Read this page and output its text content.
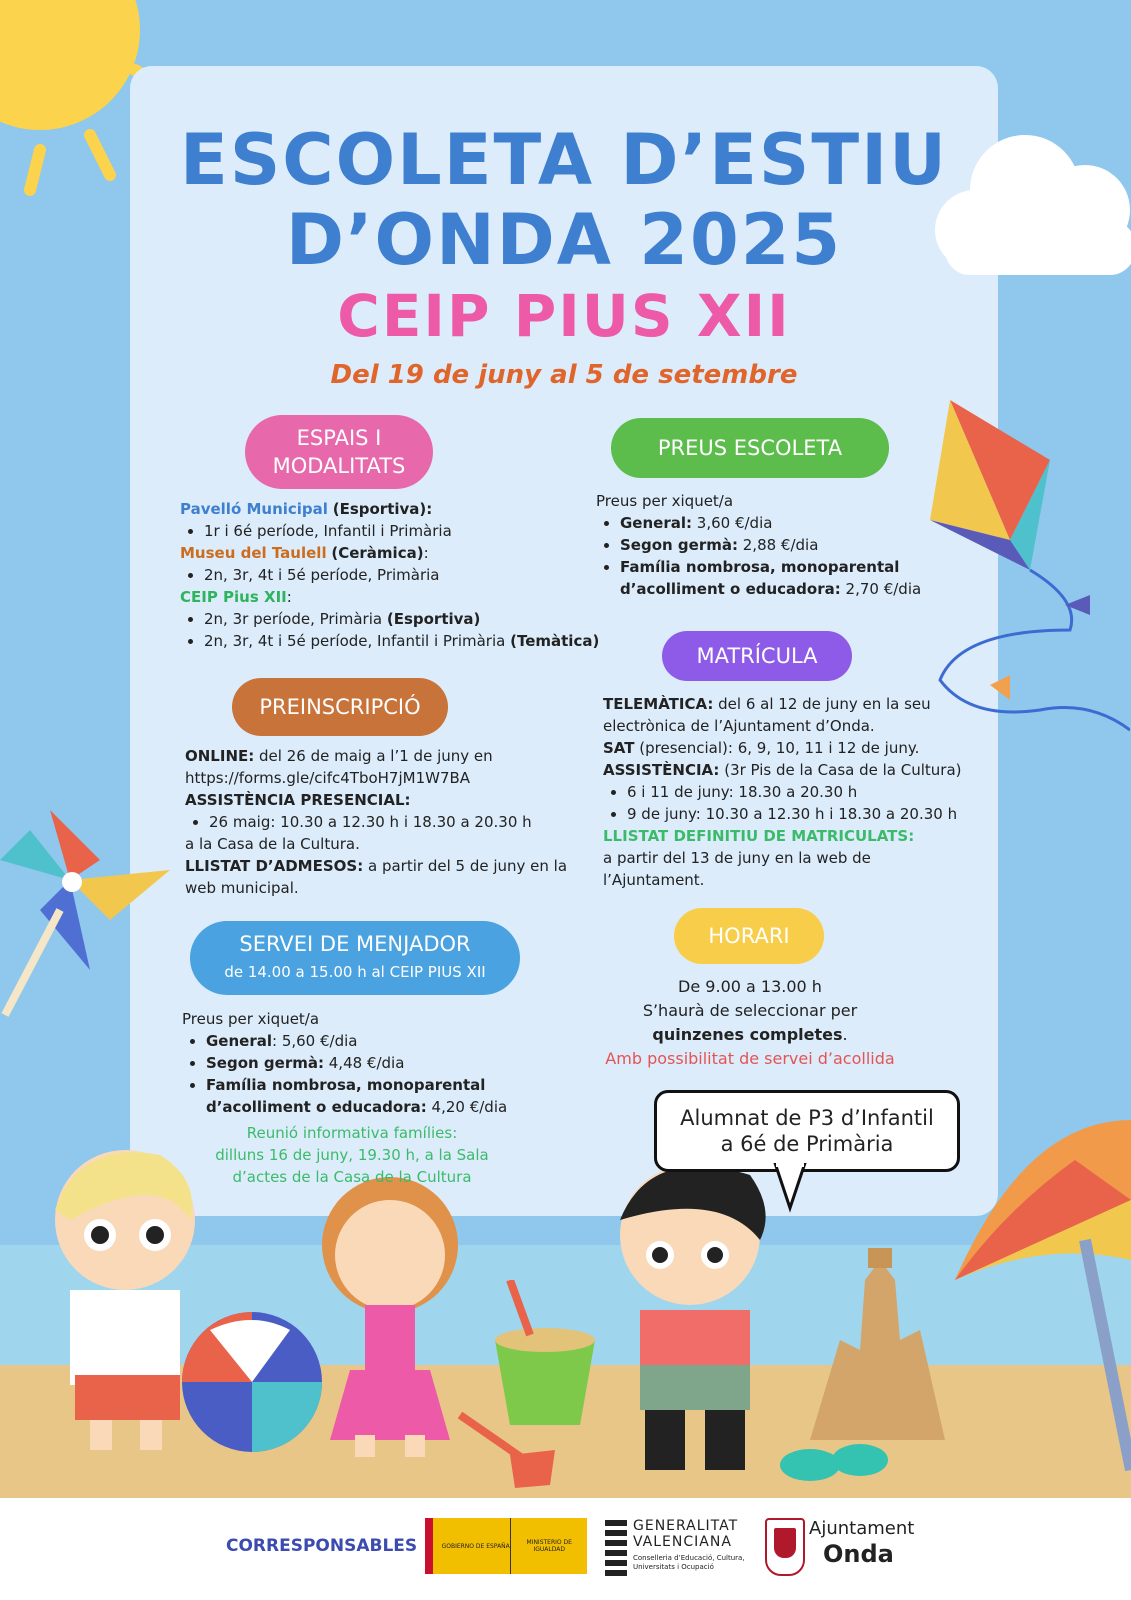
ESCOLETA D’ESTIU
D’ONDA 2025
CEIP PIUS XII
Del 19 de juny al 5 de setembre
ESPAIS I
MODALITATS
Pavelló Municipal (Esportiva):
• 1r i 6é període, Infantil i Primària
Museu del Taulell (Ceràmica):
• 2n, 3r, 4t i 5é període, Primària
CEIP Pius XII:
• 2n, 3r període, Primària (Esportiva)
• 2n, 3r, 4t i 5é període, Infantil i Primària (Temàtica)
PREUS ESCOLETA
Preus per xiquet/a
• General: 3,60 €/dia
• Segon germà: 2,88 €/dia
• Família nombrosa, monoparental
d’acolliment o educadora: 2,70 €/dia
PREINSCRIPCIÓ
ONLINE: del 26 de maig a l’1 de juny en
https://forms.gle/cifc4TboH7jM1W7BA
ASSISTÈNCIA PRESENCIAL:
• 26 maig: 10.30 a 12.30 h i 18.30 a 20.30 h
a la Casa de la Cultura.
LLISTAT D’ADMESOS: a partir del 5 de juny en la
web municipal.
MATRÍCULA
TELEMÀTICA: del 6 al 12 de juny en la seu
electrònica de l’Ajuntament d’Onda.
SAT (presencial): 6, 9, 10, 11 i 12 de juny.
ASSISTÈNCIA: (3r Pis de la Casa de la Cultura)
• 6 i 11 de juny: 18.30 a 20.30 h
• 9 de juny: 10.30 a 12.30 h i 18.30 a 20.30 h
LLISTAT DEFINITIU DE MATRICULATS:
a partir del 13 de juny en la web de
l’Ajuntament.
SERVEI DE MENJADOR
de 14.00 a 15.00 h al CEIP PIUS XII
Preus per xiquet/a
• General: 5,60 €/dia
• Segon germà: 4,48 €/dia
• Família nombrosa, monoparental
d’acolliment o educadora: 4,20 €/dia
Reunió informativa famílies:
dilluns 16 de juny, 19.30 h, a la Sala
d’actes de la Casa de la Cultura
HORARI
De 9.00 a 13.00 h
S’haurà de seleccionar per
quinzenes completes.
Amb possibilitat de servei d’acollida
Alumnat de P3 d’Infantil
a 6é de Primària
CORRESPONSABLES	GOBIERNO DE ESPAÑA	MINISTERIO DE IGUALDAD
GENERALITAT
VALENCIANA
Conselleria d’Educació, Cultura, Universitats i Ocupació
Ajuntament
Onda
